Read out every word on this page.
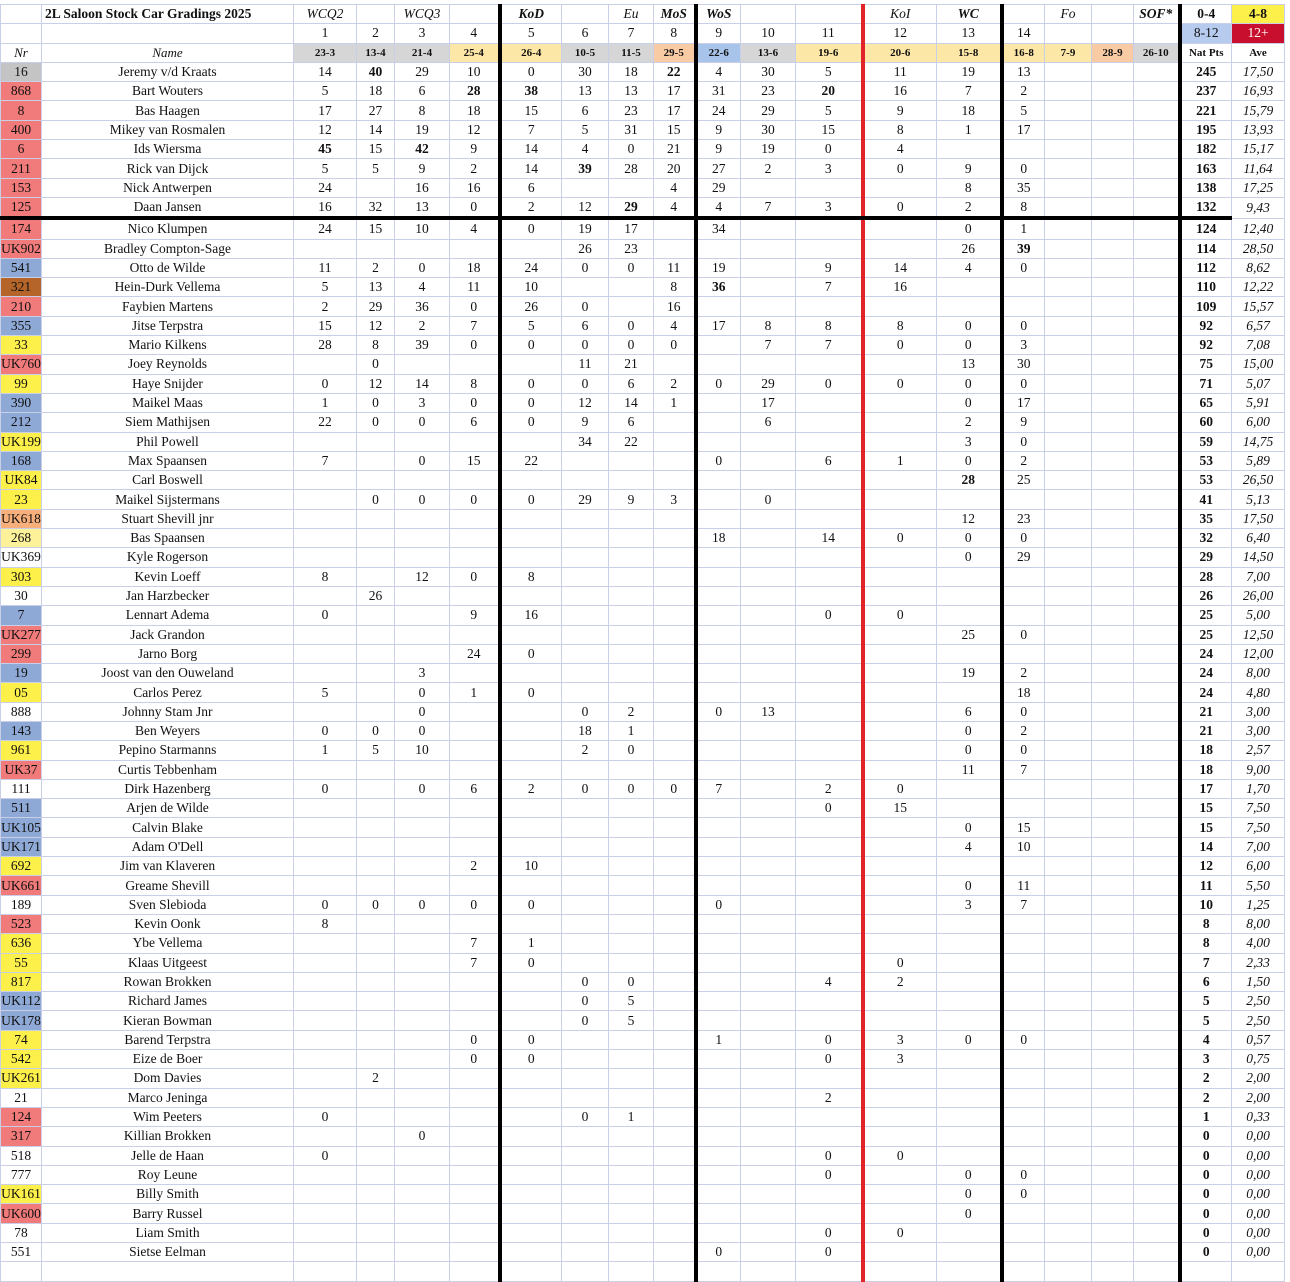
	2L Saloon Stock Car Gradings 2025	WCQ2		WCQ3		KoD		Eu	MoS	WoS			KoI	WC		Fo		SOF*	0-4	4-8
		1	2	3	4	5	6	7	8	9	10	11	12	13	14				8-12	12+
Nr	Name	23-3	13-4	21-4	25-4	26-4	10-5	11-5	29-5	22-6	13-6	19-6	20-6	15-8	16-8	7-9	28-9	26-10	Nat Pts	Ave
16	Jeremy v/d Kraats	14	40	29	10	0	30	18	22	4	30	5	11	19	13				245	17,50
868	Bart Wouters	5	18	6	28	38	13	13	17	31	23	20	16	7	2				237	16,93
8	Bas Haagen	17	27	8	18	15	6	23	17	24	29	5	9	18	5				221	15,79
400	Mikey van Rosmalen	12	14	19	12	7	5	31	15	9	30	15	8	1	17				195	13,93
6	Ids Wiersma	45	15	42	9	14	4	0	21	9	19	0	4						182	15,17
211	Rick van Dijck	5	5	9	2	14	39	28	20	27	2	3	0	9	0				163	11,64
153	Nick Antwerpen	24		16	16	6			4	29				8	35				138	17,25
125	Daan Jansen	16	32	13	0	2	12	29	4	4	7	3	0	2	8				132	9,43
174	Nico Klumpen	24	15	10	4	0	19	17		34				0	1				124	12,40
UK902	Bradley Compton-Sage						26	23						26	39				114	28,50
541	Otto de Wilde	11	2	0	18	24	0	0	11	19		9	14	4	0				112	8,62
321	Hein-Durk Vellema	5	13	4	11	10			8	36		7	16						110	12,22
210	Faybien Martens	2	29	36	0	26	0		16										109	15,57
355	Jitse Terpstra	15	12	2	7	5	6	0	4	17	8	8	8	0	0				92	6,57
33	Mario Kilkens	28	8	39	0	0	0	0	0		7	7	0	0	3				92	7,08
UK760	Joey Reynolds		0				11	21						13	30				75	15,00
99	Haye Snijder	0	12	14	8	0	0	6	2	0	29	0	0	0	0				71	5,07
390	Maikel Maas	1	0	3	0	0	12	14	1		17			0	17				65	5,91
212	Siem Mathijsen	22	0	0	6	0	9	6			6			2	9				60	6,00
UK199	Phil Powell						34	22						3	0				59	14,75
168	Max Spaansen	7		0	15	22				0		6	1	0	2				53	5,89
UK84	Carl Boswell													28	25				53	26,50
23	Maikel Sijstermans		0	0	0	0	29	9	3		0								41	5,13
UK618	Stuart Shevill jnr													12	23				35	17,50
268	Bas Spaansen									18		14	0	0	0				32	6,40
UK369	Kyle Rogerson													0	29				29	14,50
303	Kevin Loeff	8		12	0	8													28	7,00
30	Jan Harzbecker		26																26	26,00
7	Lennart Adema	0			9	16						0	0						25	5,00
UK277	Jack Grandon													25	0				25	12,50
299	Jarno Borg				24	0													24	12,00
19	Joost van den Ouweland			3										19	2				24	8,00
05	Carlos Perez	5		0	1	0									18				24	4,80
888	Johnny Stam Jnr			0			0	2		0	13			6	0				21	3,00
143	Ben Weyers	0	0	0			18	1						0	2				21	3,00
961	Pepino Starmanns	1	5	10			2	0						0	0				18	2,57
UK37	Curtis Tebbenham													11	7				18	9,00
111	Dirk Hazenberg	0		0	6	2	0	0	0	7		2	0						17	1,70
511	Arjen de Wilde											0	15						15	7,50
UK105	Calvin Blake													0	15				15	7,50
UK171	Adam O'Dell													4	10				14	7,00
692	Jim van Klaveren				2	10													12	6,00
UK661	Greame Shevill													0	11				11	5,50
189	Sven Slebioda	0	0	0	0	0				0				3	7				10	1,25
523	Kevin Oonk	8																	8	8,00
636	Ybe Vellema				7	1													8	4,00
55	Klaas Uitgeest				7	0							0						7	2,33
817	Rowan Brokken						0	0				4	2						6	1,50
UK112	Richard James						0	5											5	2,50
UK178	Kieran Bowman						0	5											5	2,50
74	Barend Terpstra				0	0				1		0	3	0	0				4	0,57
542	Eize de Boer				0	0						0	3						3	0,75
UK261	Dom Davies		2																2	2,00
21	Marco Jeninga											2							2	2,00
124	Wim Peeters	0					0	1											1	0,33
317	Killian Brokken			0															0	0,00
518	Jelle de Haan	0										0	0						0	0,00
777	Roy Leune											0		0	0				0	0,00
UK161	Billy Smith													0	0				0	0,00
UK600	Barry Russel													0					0	0,00
78	Liam Smith											0	0						0	0,00
551	Sietse Eelman									0		0							0	0,00
